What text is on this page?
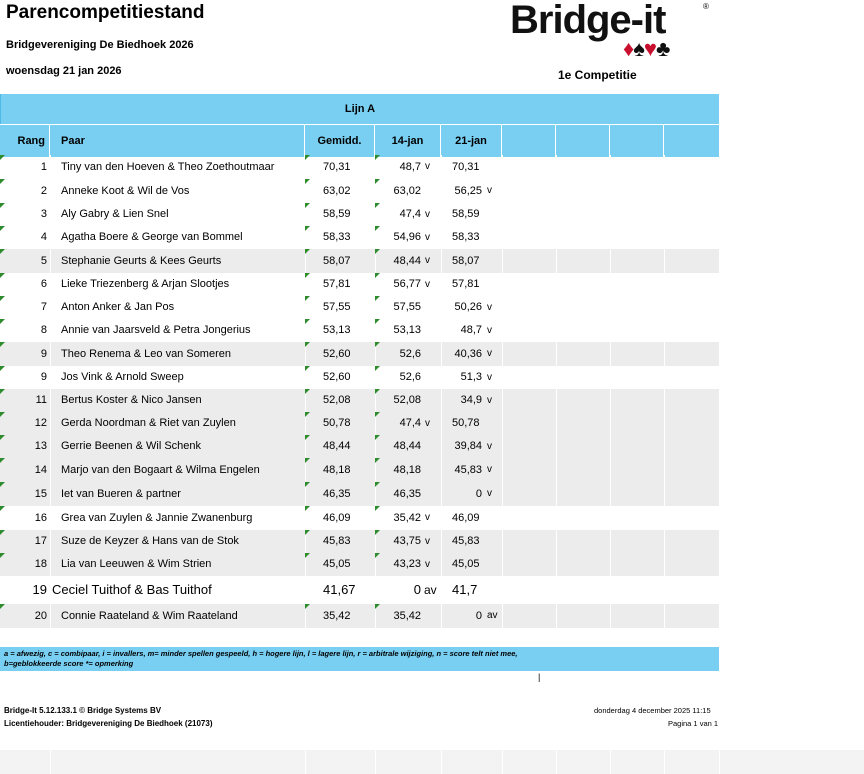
Parencompetitiestand
Bridgevereniging De Biedhoek 2026
woensdag 21 jan 2026
Bridge-it	®
♦♠♥♣
1e Competitie
Lijn A
Rang	Paar	Gemidd.	14-jan	21-jan
1 Tiny van den Hoeven & Theo Zoethoutmaar	70,31	48,7 v	70,31
2 Anneke Koot & Wil de Vos	63,02	63,02	56,25 v
3 Aly Gabry & Lien Snel	58,59	47,4 v	58,59
4 Agatha Boere & George van Bommel	58,33	54,96 v	58,33
5 Stephanie Geurts & Kees Geurts	58,07	48,44 v	58,07
6 Lieke Triezenberg & Arjan Slootjes	57,81	56,77 v	57,81
7 Anton Anker & Jan Pos	57,55	57,55	50,26 v
8 Annie van Jaarsveld & Petra Jongerius	53,13	53,13	48,7 v
9 Theo Renema & Leo van Someren	52,60	52,6	40,36 v
9 Jos Vink & Arnold Sweep	52,60	52,6	51,3 v
11 Bertus Koster & Nico Jansen	52,08	52,08	34,9 v
12 Gerda Noordman & Riet van Zuylen	50,78	47,4 v	50,78
13 Gerrie Beenen & Wil Schenk	48,44	48,44	39,84 v
14 Marjo van den Bogaart & Wilma Engelen	48,18	48,18	45,83 v
15 Iet van Bueren & partner	46,35	46,35	0 v
16 Grea van Zuylen & Jannie Zwanenburg	46,09	35,42 v	46,09
17 Suze de Keyzer & Hans van de Stok	45,83	43,75 v	45,83
18 Lia van Leeuwen & Wim Strien	45,05	43,23 v	45,05
19 Ceciel Tuithof & Bas Tuithof	41,67	0 av	41,7
20 Connie Raateland & Wim Raateland	35,42	35,42	0 av
a = afwezig, c = combipaar, i = invallers, m= minder spellen gespeeld, h = hogere lijn, l = lagere lijn, r = arbitrale wijziging, n = score telt niet mee,
b=geblokkeerde score *= opmerking
|
Bridge-It 5.12.133.1 © Bridge Systems BV
Licentiehouder: Bridgevereniging De Biedhoek (21073)
donderdag 4 december 2025 11:15
Pagina 1 van 1
